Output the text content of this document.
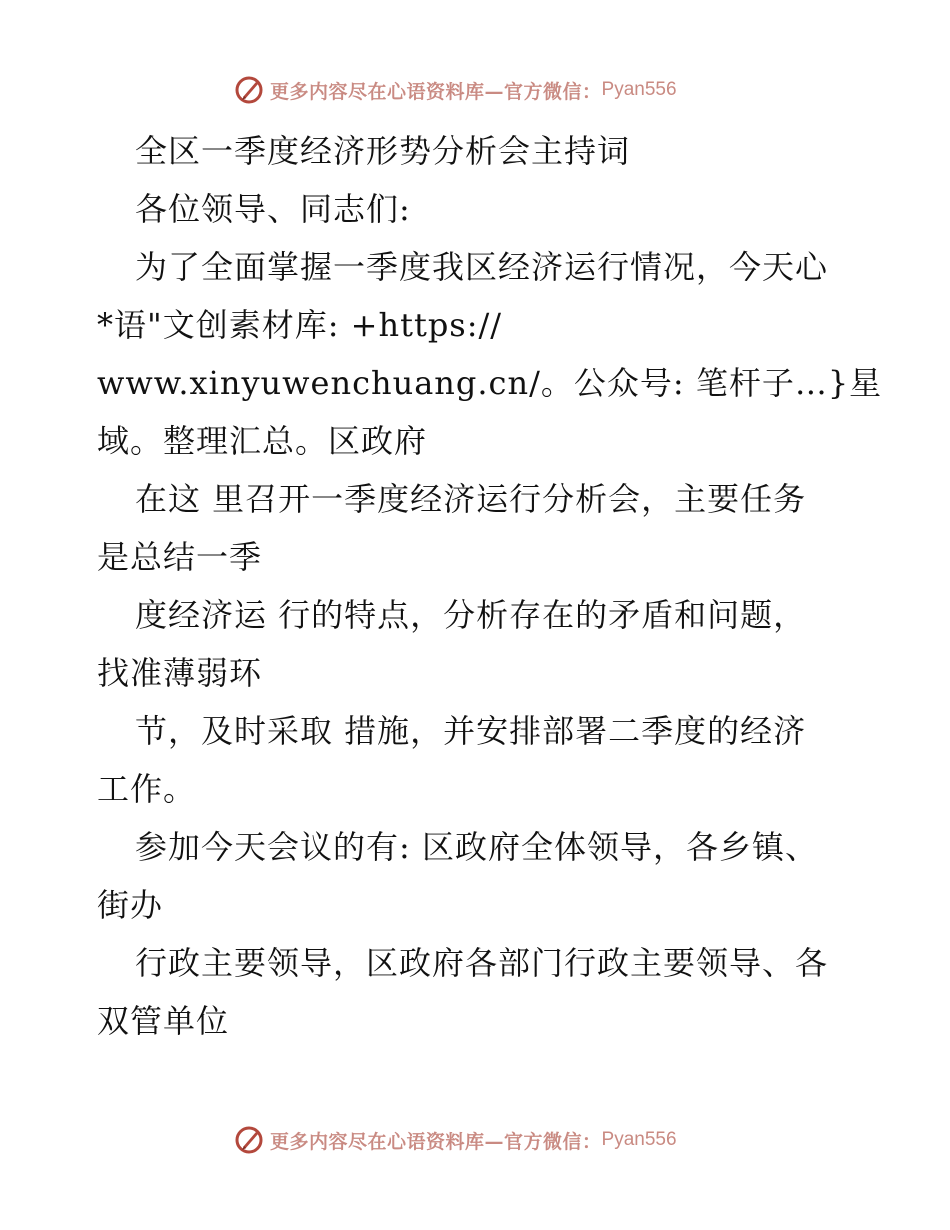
更多内容尽在心语资料库—官方微信： Pyan556
全区一季度经济形势分析会主持词
各位领导、同志们:
为了全面掌握一季度我区经济运行情况，今天心
*语"文创素材库: +https://
www.xinyuwenchuang.cn/。公众号: 笔杆子…}星
域。整理汇总。区政府
在这 里召开一季度经济运行分析会，主要任务
是总结一季
度经济运 行的特点，分析存在的矛盾和问题，
找准薄弱环
节，及时采取 措施，并安排部署二季度的经济
工作。
参加今天会议的有: 区政府全体领导，各乡镇、
街办
行政主要领导，区政府各部门行政主要领导、各
双管单位
更多内容尽在心语资料库—官方微信： Pyan556
